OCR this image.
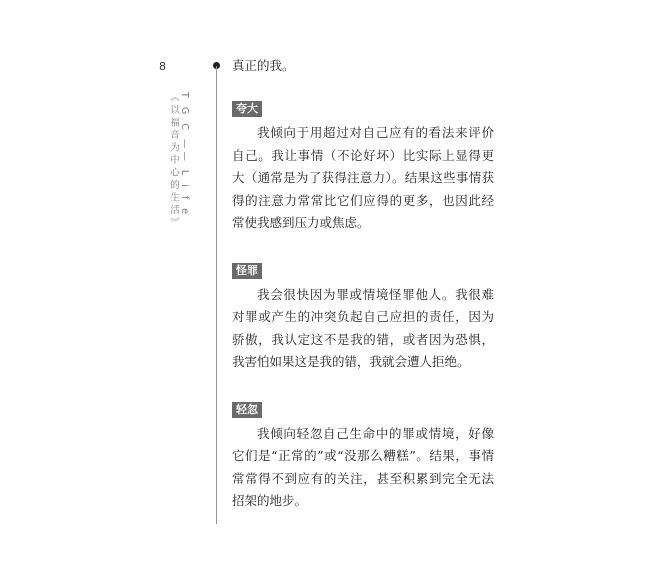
8
T G C —— L i f e
《以福音为中心的生活》

真正的我。

夸大

我倾向于用超过对自己应有的看法来评价自己。我让事情（不论好坏）比实际上显得更大（通常是为了获得注意力）。结果这些事情获得的注意力常常比它们应得的更多，也因此经常使我感到压力或焦虑。

怪罪

我会很快因为罪或情境怪罪他人。我很难对罪或产生的冲突负起自己应担的责任，因为骄傲，我认定这不是我的错，或者因为恐惧，我害怕如果这是我的错，我就会遭人拒绝。

轻忽

我倾向轻忽自己生命中的罪或情境，好像它们是“正常的”或“没那么糟糕”。结果，事情常常得不到应有的关注，甚至积累到完全无法招架的地步。
